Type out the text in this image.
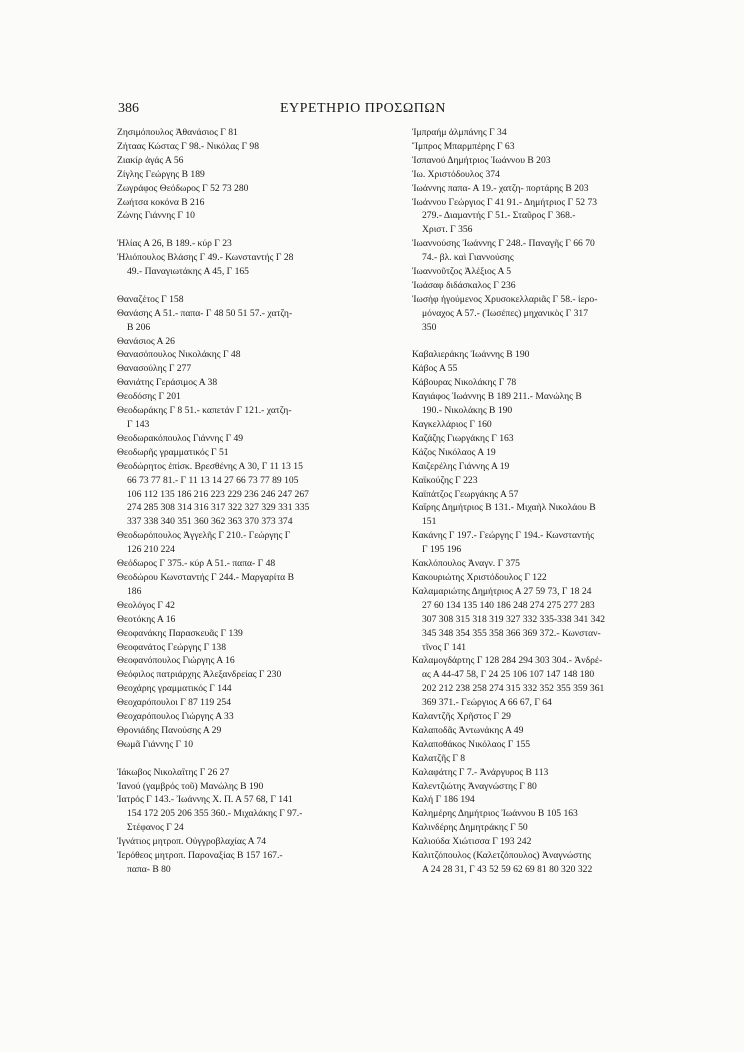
386	ΕΥΡΕΤΗΡΙΟ ΠΡΟΣΩΠΩΝ
Ζησιμόπουλος Ἀθανάσιος Γ 81
Ζήταας Κώστας Γ 98.- Νικόλας Γ 98
Ζιακίρ ἀγάς Α 56
Ζίγλης Γεώργης Β 189
Ζωγράφος Θεόδωρος Γ 52 73 280
Ζωήτσα κοκόνα Β 216
Ζώνης Γιάννης Γ 10
Ἠλίας Α 26, Β 189.- κύρ Γ 23
Ἠλιόπουλος Βλάσης Γ 49.- Κωνσταντής Γ 28
49.- Παναγιωτάκης Α 45, Γ 165
Θαναζέτος Γ 158
Θανάσης Α 51.- παπα- Γ 48 50 51 57.- χατζη-
Β 206
Θανάσιος Α 26
Θανασόπουλος Νικολάκης Γ 48
Θανασούλης Γ 277
Θανιάτης Γεράσιμος Α 38
Θεοδόσης Γ 201
Θεοδωράκης Γ 8 51.- καπετάν Γ 121.- χατζη-
Γ 143
Θεοδωρακόπουλος Γιάννης Γ 49
Θεοδωρῆς γραμματικός Γ 51
Θεοδώρητος ἐπίσκ. Βρεσθένης Α 30, Γ 11 13 15
66 73 77 81.- Γ 11 13 14 27 66 73 77 89 105
106 112 135 186 216 223 229 236 246 247 267
274 285 308 314 316 317 322 327 329 331 335
337 338 340 351 360 362 363 370 373 374
Θεοδωρόπουλος Ἀγγελῆς Γ 210.- Γεώργης Γ
126 210 224
Θεόδωρος Γ 375.- κύρ Α 51.- παπα- Γ 48
Θεοδώρου Κωνσταντής Γ 244.- Μαργαρίτα Β
186
Θεολόγος Γ 42
Θεοτόκης Α 16
Θεοφανάκης Παρασκευᾶς Γ 139
Θεοφανάτος Γεώργης Γ 138
Θεοφανόπουλος Γιώργης Α 16
Θεόφιλος πατριάρχης Ἀλεξανδρείας Γ 230
Θεοχάρης γραμματικός Γ 144
Θεοχαρόπουλοι Γ 87 119 254
Θεοχαρόπουλος Γιώργης Α 33
Θρονιάδης Πανούσης Α 29
Θωμᾶ Γιάννης Γ 10
Ἰάκωβος Νικολαΐτης Γ 26 27
Ἰανού (γαμβρός τοῦ) Μανώλης Β 190
Ἰατρός Γ 143.- Ἰωάννης Χ. Π. Α 57 68, Γ 141
154 172 205 206 355 360.- Μιχαλάκης Γ 97.-
Στέφανος Γ 24
Ἰγνάτιος μητροπ. Οὐγγροβλαχίας Α 74
Ἱερόθεος μητροπ. Παροναξίας Β 157 167.-
παπα- Β 80
Ἰμπραήμ ἀλμπάνης Γ 34
Ἴμπρος Μπαρμπέρης Γ 63
Ἰσπανού Δημήτριος Ἰωάννου Β 203
Ἰω. Χριστόδουλος 374
Ἰωάννης παπα- Α 19.- χατζη- πορτάρης Β 203
Ἰωάννου Γεώργιος Γ 41 91.- Δημήτριος Γ 52 73
279.- Διαμαντής Γ 51.- Σταῦρος Γ 368.-
Χριστ. Γ 356
Ἰωαννούσης Ἰωάννης Γ 248.- Παναγῆς Γ 66 70
74.- βλ. καὶ Γιαννούσης
Ἰωαννοῦτζος Ἀλέξιος Α 5
Ἰωάσαφ διδάσκαλος Γ 236
Ἰωσὴφ ἡγούμενος Χρυσοκελλαριᾶς Γ 58.- ἱερο-
μόναχος Α 57.- (Ἰωσέπες) μηχανικὸς Γ 317
350
Καβαλιεράκης Ἰωάννης Β 190
Κάβος Α 55
Κάβουρας Νικολάκης Γ 78
Καγιάφος Ἰωάννης Β 189 211.- Μανώλης Β
190.- Νικολάκης Β 190
Καγκελλάριος Γ 160
Καζάζης Γιωργάκης Γ 163
Κάζος Νικόλαος Α 19
Καιζερέλης Γιάννης Α 19
Καϊκούζης Γ 223
Καϊπάτζος Γεωργάκης Α 57
Καΐρης Δημήτριος Β 131.- Μιχαὴλ Νικολάου Β
151
Κακάνης Γ 197.- Γεώργης Γ 194.- Κωνσταντής
Γ 195 196
Κακλόπουλος Ἀναγν. Γ 375
Κακουριώτης Χριστόδουλος Γ 122
Καλαμαριώτης Δημήτριος Α 27 59 73, Γ 18 24
27 60 134 135 140 186 248 274 275 277 283
307 308 315 318 319 327 332 335-338 341 342
345 348 354 355 358 366 369 372.- Κωνσταν-
τῖνος Γ 141
Καλαμογδάρτης Γ 128 284 294 303 304.- Ἀνδρέ-
ας Α 44-47 58, Γ 24 25 106 107 147 148 180
202 212 238 258 274 315 332 352 355 359 361
369 371.- Γεώργιος Α 66 67, Γ 64
Καλαντζῆς Χρῆστος Γ 29
Καλαποδᾶς Ἀντωνάκης Α 49
Καλαποθάκος Νικόλαος Γ 155
Καλατζῆς Γ 8
Καλαφάτης Γ 7.- Ἀνάργυρος Β 113
Καλεντζιώτης Ἀναγνώστης Γ 80
Καλή Γ 186 194
Καλημέρης Δημήτριος Ἰωάννου Β 105 163
Καλινδέρης Δημητράκης Γ 50
Καλιούδα Χιώτισσα Γ 193 242
Καλιτζόπουλος (Καλετζόπουλος) Ἀναγνώστης
Α 24 28 31, Γ 43 52 59 62 69 81 80 320 322
